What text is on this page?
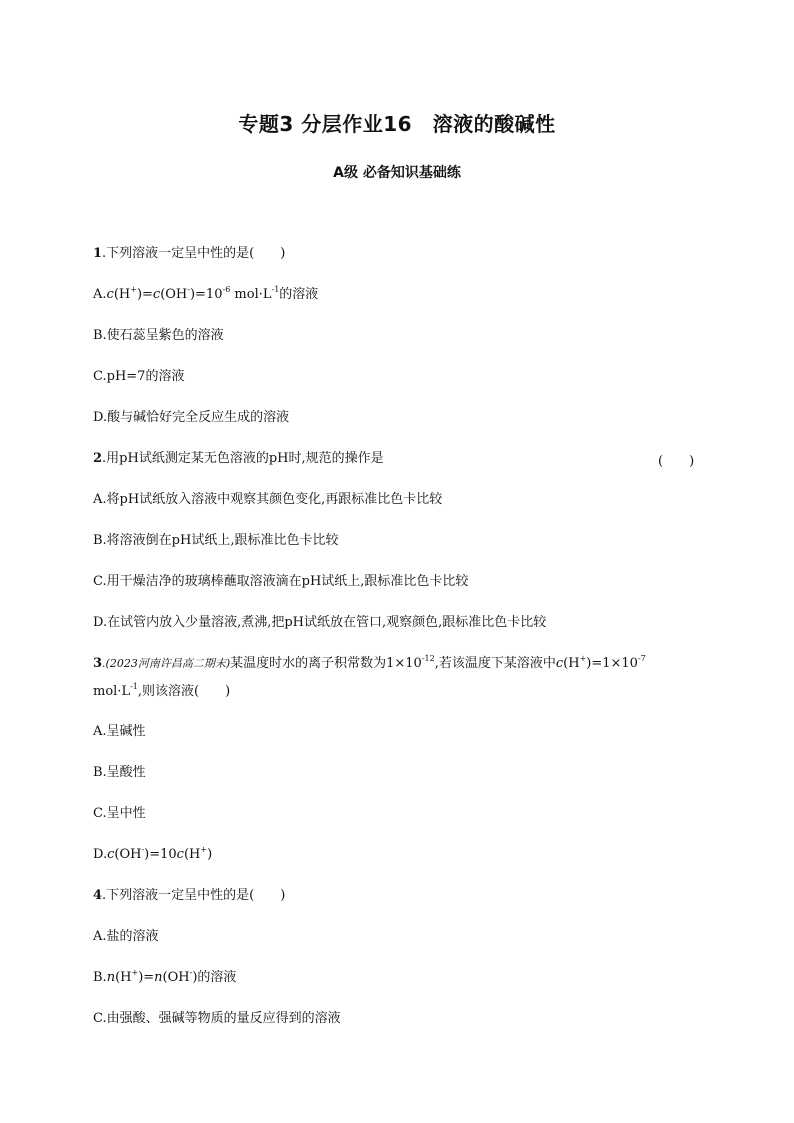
专题3 分层作业16　溶液的酸碱性
A级 必备知识基础练
1.下列溶液一定呈中性的是(　　)
$A.c(H^+)=c(OH^-)=10^{-6}$ $mol\cdot L^{-1}$的溶液
B.使石蕊呈紫色的溶液
C.pH=7的溶液
D.酸与碱恰好完全反应生成的溶液
2.用pH试纸测定某无色溶液的pH时,规范的操作是	(　　)
A.将pH试纸放入溶液中观察其颜色变化,再跟标准比色卡比较
B.将溶液倒在pH试纸上,跟标准比色卡比较
C.用干燥洁净的玻璃棒蘸取溶液滴在pH试纸上,跟标准比色卡比较
D.在试管内放入少量溶液,煮沸,把pH试纸放在管口,观察颜色,跟标准比色卡比较
3.(2023河南许昌高二期末)某温度时水的离子积常数为$1\times 10^{-12}$,若该温度下某溶液中$c(H^+)=1\times 10^{-7}$
$mol\cdot L^{-1}$,则该溶液(　　)
A.呈碱性
B.呈酸性
C.呈中性
D.c(OH-)=10c(H+)
4.下列溶液一定呈中性的是(　　)
A.盐的溶液
B.n(H+)=n(OH-)的溶液
C.由强酸、强碱等物质的量反应得到的溶液
